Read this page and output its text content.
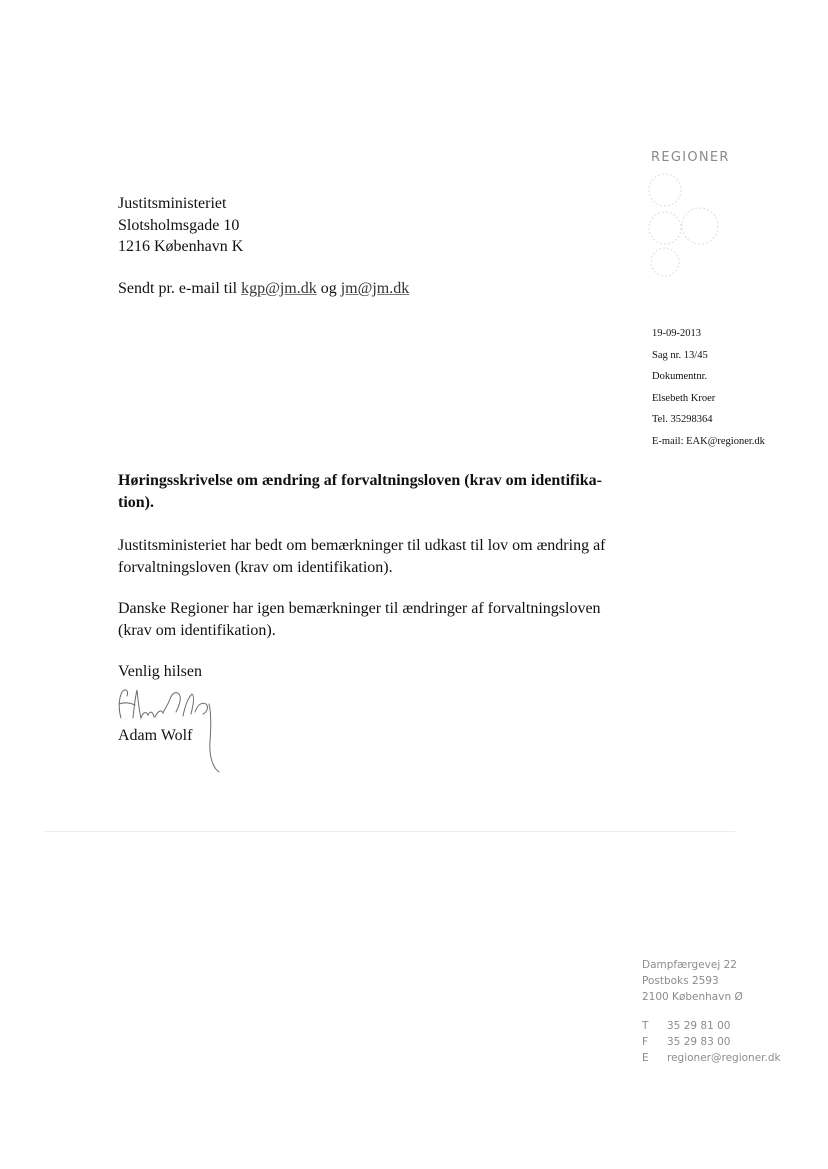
REGIONER
Justitsministeriet
Slotsholmsgade 10
1216 København K
Sendt pr. e-mail til kgp@jm.dk og jm@jm.dk
19-09-2013
Sag nr. 13/45
Dokumentnr.
Elsebeth Kroer
Tel. 35298364
E-mail: EAK@regioner.dk
Høringsskrivelse om ændring af forvaltningsloven (krav om identifika-tion).
Justitsministeriet har bedt om bemærkninger til udkast til lov om ændring af forvaltningsloven (krav om identifikation).
Danske Regioner har igen bemærkninger til ændringer af forvaltningsloven (krav om identifikation).
Venlig hilsen
Adam Wolf
Dampfærgevej 22
Postboks 2593
2100 København Ø
T 35 29 81 00
F 35 29 83 00
E regioner@regioner.dk
